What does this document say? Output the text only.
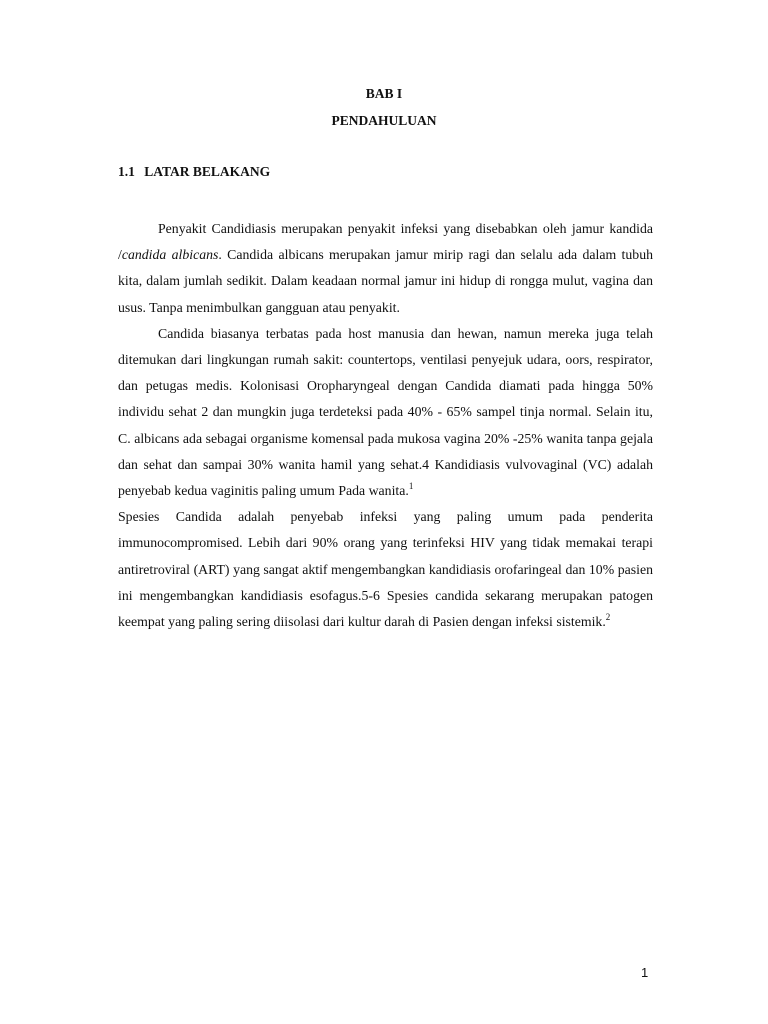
BAB I
PENDAHULUAN
1.1 LATAR BELAKANG

Penyakit Candidiasis merupakan penyakit infeksi yang disebabkan oleh jamur kandida /candida albicans. Candida albicans merupakan jamur mirip ragi dan selalu ada dalam tubuh kita, dalam jumlah sedikit. Dalam keadaan normal jamur ini hidup di rongga mulut, vagina dan usus. Tanpa menimbulkan gangguan atau penyakit.

Candida biasanya terbatas pada host manusia dan hewan, namun mereka juga telah ditemukan dari lingkungan rumah sakit: countertops, ventilasi penyejuk udara, oors, respirator, dan petugas medis. Kolonisasi Oropharyngeal dengan Candida diamati pada hingga 50% individu sehat 2 dan mungkin juga terdeteksi pada 40% - 65% sampel tinja normal. Selain itu, C. albicans ada sebagai organisme komensal pada mukosa vagina 20% -25% wanita tanpa gejala dan sehat dan sampai 30% wanita hamil yang sehat.4 Kandidiasis vulvovaginal (VC) adalah penyebab kedua vaginitis paling umum Pada wanita.$^1$

Spesies Candida adalah penyebab infeksi yang paling umum pada penderita immunocompromised. Lebih dari 90% orang yang terinfeksi HIV yang tidak memakai terapi antiretroviral (ART) yang sangat aktif mengembangkan kandidiasis orofaringeal dan 10% pasien ini mengembangkan kandidiasis esofagus.5-6 Spesies candida sekarang merupakan patogen keempat yang paling sering diisolasi dari kultur darah di Pasien dengan infeksi sistemik.$^2$

1
